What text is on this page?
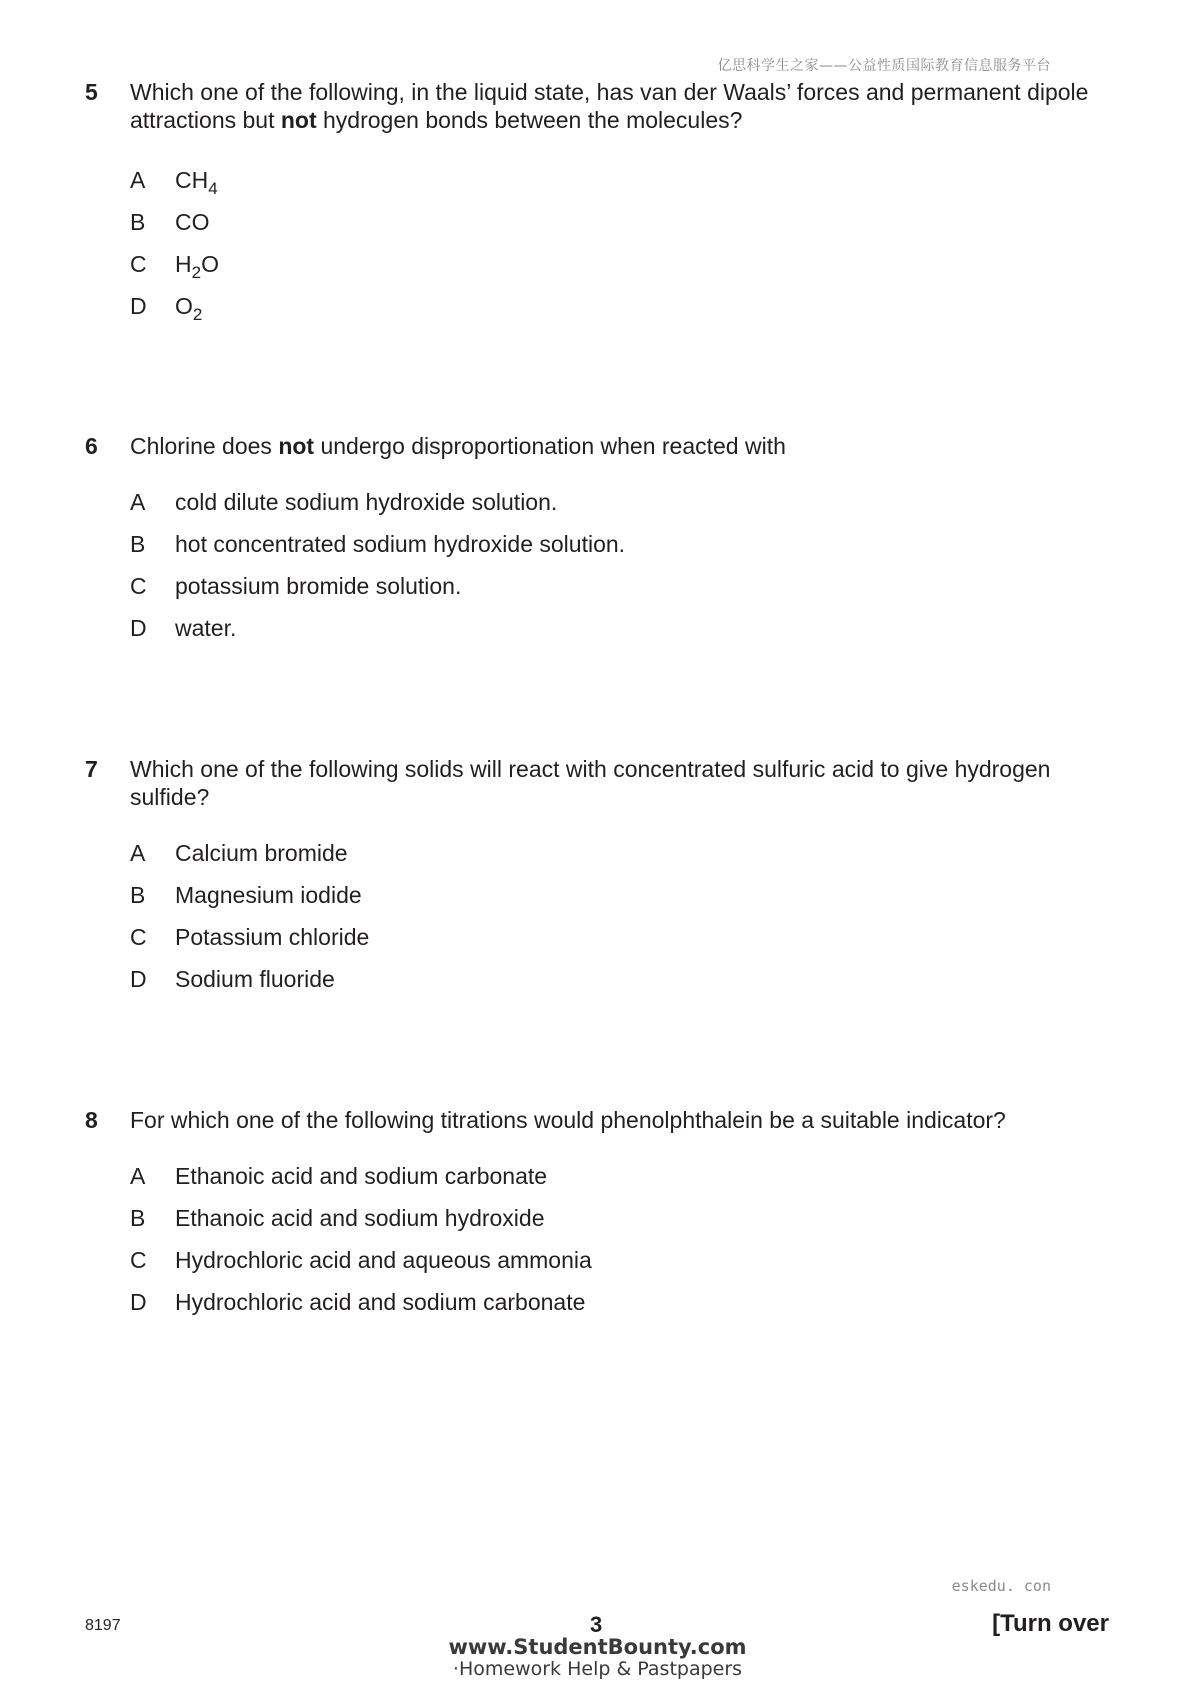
亿思科学生之家——公益性质国际教育信息服务平台
5 Which one of the following, in the liquid state, has van der Waals’ forces and permanent dipole attractions but not hydrogen bonds between the molecules?
A	$CH_4$
B	CO
C	$H_2O$
D	$O_2$
6 Chlorine does not undergo disproportionation when reacted with
A	cold dilute sodium hydroxide solution.
B	hot concentrated sodium hydroxide solution.
C	potassium bromide solution.
D	water.
7 Which one of the following solids will react with concentrated sulfuric acid to give hydrogen sulfide?
A	Calcium bromide
B	Magnesium iodide
C	Potassium chloride
D	Sodium fluoride
8 For which one of the following titrations would phenolphthalein be a suitable indicator?
A	Ethanoic acid and sodium carbonate
B	Ethanoic acid and sodium hydroxide
C	Hydrochloric acid and aqueous ammonia
D	Hydrochloric acid and sodium carbonate
eskedu. con
8197	3	[Turn over
www.StudentBounty.com
·Homework Help & Pastpapers
